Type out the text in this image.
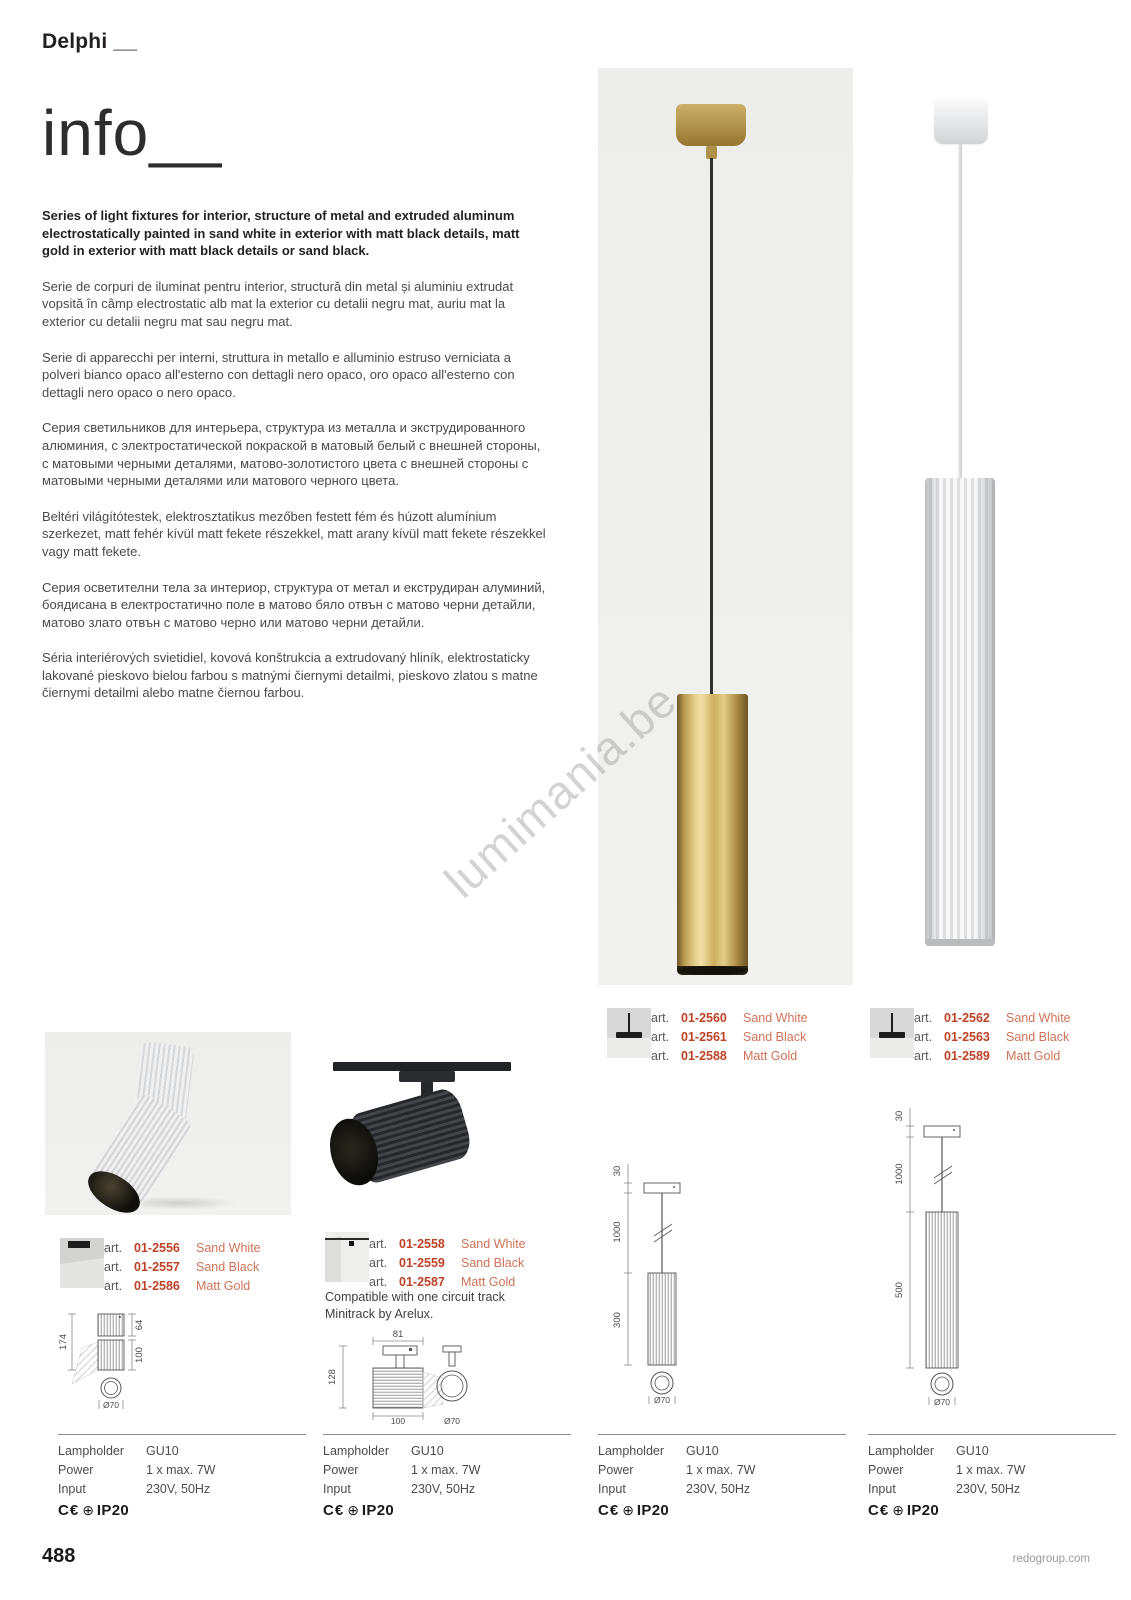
Delphi __
info__

Series of light fixtures for interior, structure of metal and extruded aluminum electrostatically painted in sand white in exterior with matt black details, matt gold in exterior with matt black details or sand black.

Serie de corpuri de iluminat pentru interior, structură din metal și aluminiu extrudat vopsită în câmp electrostatic alb mat la exterior cu detalii negru mat, auriu mat la exterior cu detalii negru mat sau negru mat.

Serie di apparecchi per interni, struttura in metallo e alluminio estruso verniciata a polveri bianco opaco all'esterno con dettagli nero opaco, oro opaco all'esterno con dettagli nero opaco o nero opaco.

Серия светильников для интерьера, структура из металла и экструдированного алюминия, с электростатической покраской в матовый белый с внешней стороны, с матовыми черными деталями, матово-золотистого цвета с внешней стороны с матовыми черными деталями или матового черного цвета.

Beltéri világítótestek, elektrosztatikus mezőben festett fém és húzott alumínium szerkezet, matt fehér kívül matt fekete részekkel, matt arany kívül matt fekete részekkel vagy matt fekete.

Серия осветителни тела за интериор, структура от метал и екструдиран алуминий, боядисана в електростатично поле в матово бяло отвън с матово черни детайли, матово злато отвън с матово черно или матово черни детайли.

Séria interiérových svietidiel, kovová konštrukcia a extrudovaný hliník, elektrostaticky lakované pieskovo bielou farbou s matnými čiernymi detailmi, pieskovo zlatou s matne čiernymi detailmi alebo matne čiernou farbou.	lumimania.be
art. 01-2560	Sand White
art. 01-2561	Sand Black
art. 01-2588	Matt Gold
art. 01-2562	Sand White
art. 01-2563	Sand Black
art. 01-2589	Matt Gold
art. 01-2556	Sand White
art. 01-2557	Sand Black
art. 01-2586	Matt Gold
art. 01-2558	Sand White
art. 01-2559	Sand Black
art. 01-2587	Matt Gold
Compatible with one circuit track
Minitrack by Arelux.
174
64
100
Ø70
81
128
100	Ø70
30
1000
300
Ø70
30
1000
500
Ø70
Lampholder	GU10
Power	1 x max. 7W
Input	230V, 50Hz
C€ ⊕ IP20
Lampholder	GU10
Power	1 x max. 7W
Input	230V, 50Hz
C€ ⊕ IP20
Lampholder	GU10
Power	1 x max. 7W
Input	230V, 50Hz
C€ ⊕ IP20
Lampholder	GU10
Power	1 x max. 7W
Input	230V, 50Hz
C€ ⊕ IP20
488	redogroup.com
